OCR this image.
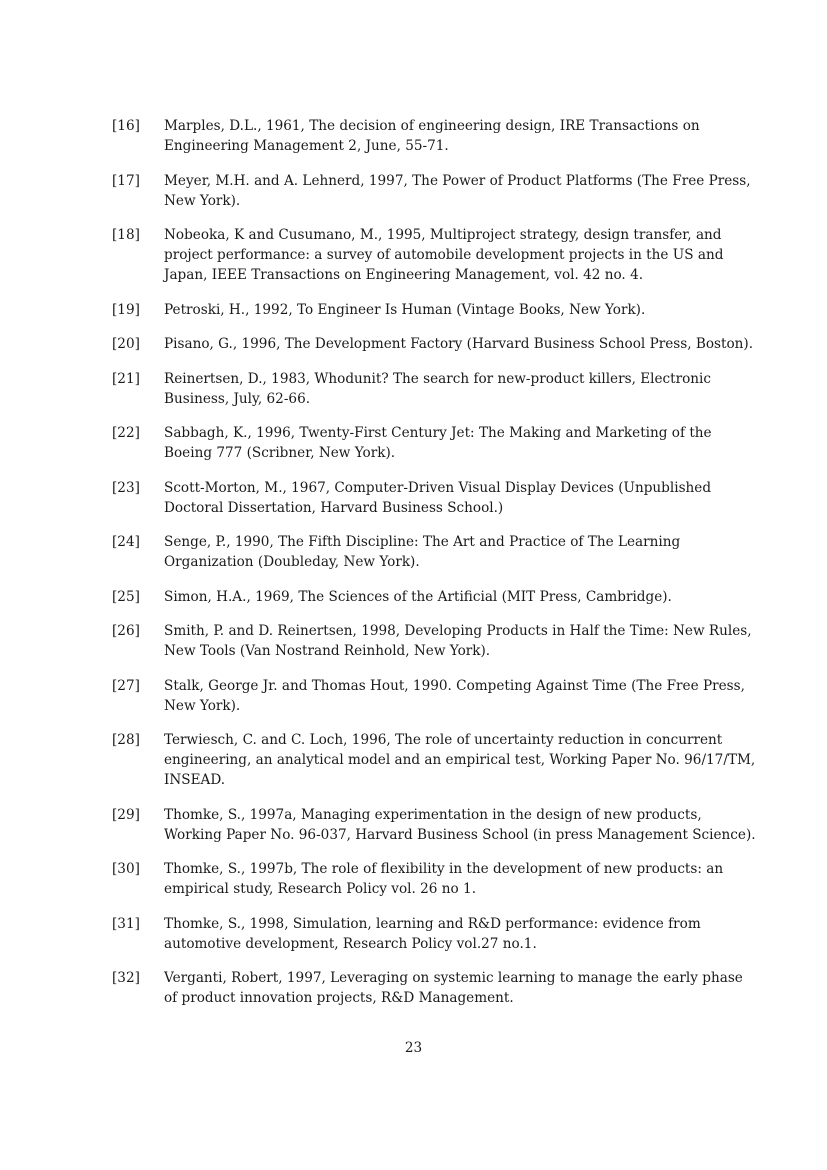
[16]	Marples, D.L., 1961, The decision of engineering design, IRE Transactions on Engineering Management 2, June, 55-71.
[17]	Meyer, M.H. and A. Lehnerd, 1997, The Power of Product Platforms (The Free Press, New York).
[18]	Nobeoka, K and Cusumano, M., 1995, Multiproject strategy, design transfer, and project performance: a survey of automobile development projects in the US and Japan, IEEE Transactions on Engineering Management, vol. 42 no. 4.
[19]	Petroski, H., 1992, To Engineer Is Human (Vintage Books, New York).
[20]	Pisano, G., 1996, The Development Factory (Harvard Business School Press, Boston).
[21]	Reinertsen, D., 1983, Whodunit? The search for new-product killers, Electronic Business, July, 62-66.
[22]	Sabbagh, K., 1996, Twenty-First Century Jet: The Making and Marketing of the Boeing 777 (Scribner, New York).
[23]	Scott-Morton, M., 1967, Computer-Driven Visual Display Devices (Unpublished Doctoral Dissertation, Harvard Business School.)
[24]	Senge, P., 1990, The Fifth Discipline: The Art and Practice of The Learning Organization (Doubleday, New York).
[25]	Simon, H.A., 1969, The Sciences of the Artificial (MIT Press, Cambridge).
[26]	Smith, P. and D. Reinertsen, 1998, Developing Products in Half the Time: New Rules, New Tools (Van Nostrand Reinhold, New York).
[27]	Stalk, George Jr. and Thomas Hout, 1990. Competing Against Time (The Free Press, New York).
[28]	Terwiesch, C. and C. Loch, 1996, The role of uncertainty reduction in concurrent engineering, an analytical model and an empirical test, Working Paper No. 96/17/TM, INSEAD.
[29]	Thomke, S., 1997a, Managing experimentation in the design of new products, Working Paper No. 96-037, Harvard Business School (in press Management Science).
[30]	Thomke, S., 1997b, The role of flexibility in the development of new products: an empirical study, Research Policy vol. 26 no 1.
[31]	Thomke, S., 1998, Simulation, learning and R&D performance: evidence from automotive development, Research Policy vol.27 no.1.
[32]	Verganti, Robert, 1997, Leveraging on systemic learning to manage the early phase of product innovation projects, R&D Management.
23
